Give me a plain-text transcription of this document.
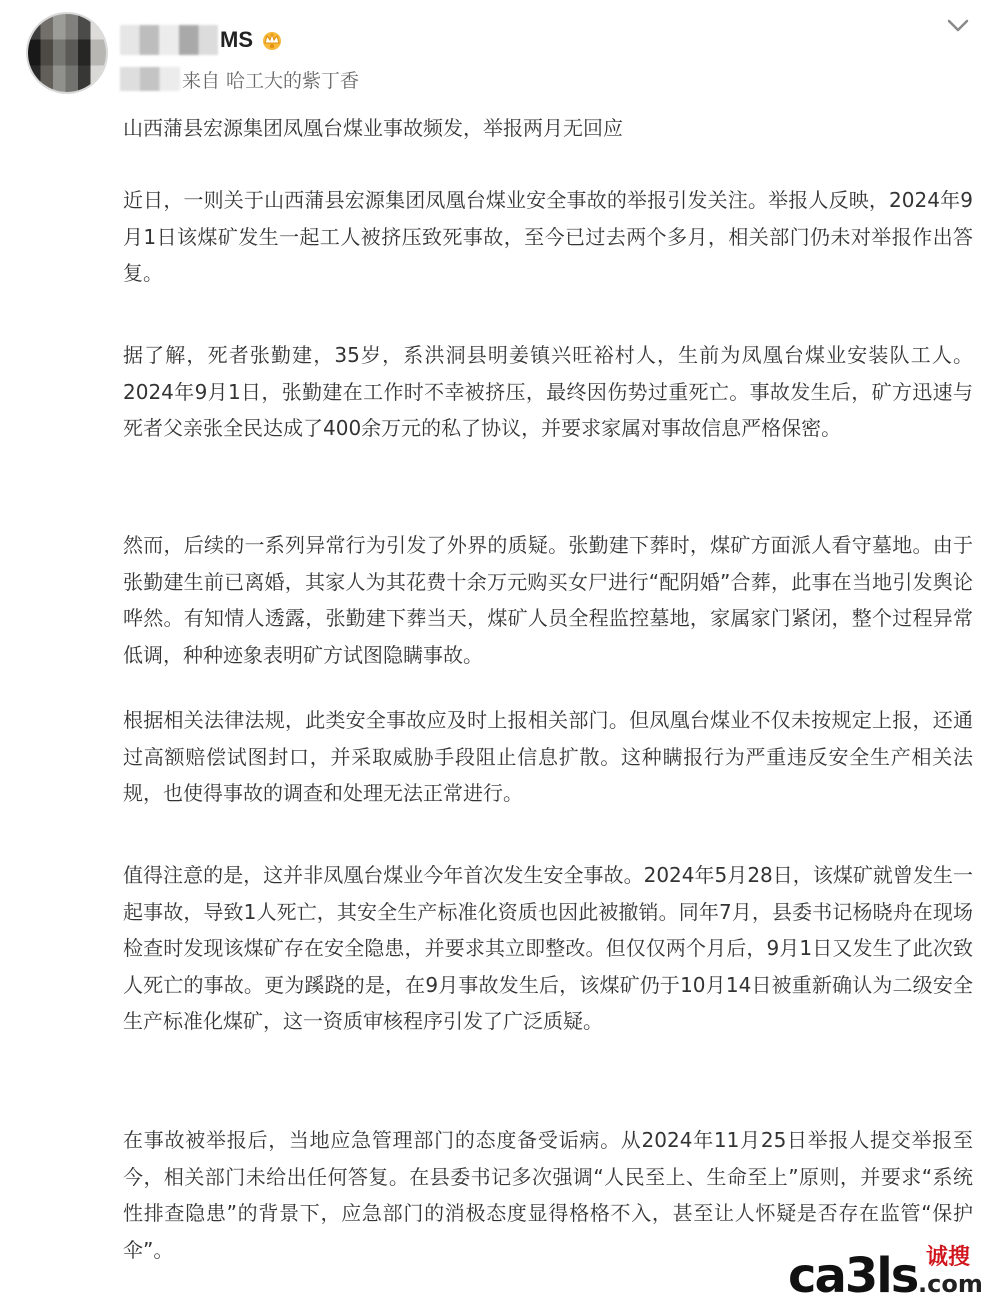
MS
来自 哈工大的紫丁香

山西蒲县宏源集团凤凰台煤业事故频发，举报两月无回应

近日，一则关于山西蒲县宏源集团凤凰台煤业安全事故的举报引发关注。举报人反映，2024年9月1日该煤矿发生一起工人被挤压致死事故，至今已过去两个多月，相关部门仍未对举报作出答复。

据了解，死者张勤建，35岁，系洪洞县明姜镇兴旺裕村人，生前为凤凰台煤业安装队工人。2024年9月1日，张勤建在工作时不幸被挤压，最终因伤势过重死亡。事故发生后，矿方迅速与死者父亲张全民达成了400余万元的私了协议，并要求家属对事故信息严格保密。

然而，后续的一系列异常行为引发了外界的质疑。张勤建下葬时，煤矿方面派人看守墓地。由于张勤建生前已离婚，其家人为其花费十余万元购买女尸进行“配阴婚”合葬，此事在当地引发舆论哗然。有知情人透露，张勤建下葬当天，煤矿人员全程监控墓地，家属家门紧闭，整个过程异常低调，种种迹象表明矿方试图隐瞒事故。

根据相关法律法规，此类安全事故应及时上报相关部门。但凤凰台煤业不仅未按规定上报，还通过高额赔偿试图封口，并采取威胁手段阻止信息扩散。这种瞒报行为严重违反安全生产相关法规，也使得事故的调查和处理无法正常进行。

值得注意的是，这并非凤凰台煤业今年首次发生安全事故。2024年5月28日，该煤矿就曾发生一起事故，导致1人死亡，其安全生产标准化资质也因此被撤销。同年7月，县委书记杨晓舟在现场检查时发现该煤矿存在安全隐患，并要求其立即整改。但仅仅两个月后，9月1日又发生了此次致人死亡的事故。更为蹊跷的是，在9月事故发生后，该煤矿仍于10月14日被重新确认为二级安全生产标准化煤矿，这一资质审核程序引发了广泛质疑。

在事故被举报后，当地应急管理部门的态度备受诟病。从2024年11月25日举报人提交举报至今，相关部门未给出任何答复。在县委书记多次强调“人民至上、生命至上”原则，并要求“系统性排查隐患”的背景下，应急部门的消极态度显得格格不入，甚至让人怀疑是否存在监管“保护伞”。	ca3ls 诚搜
.com
